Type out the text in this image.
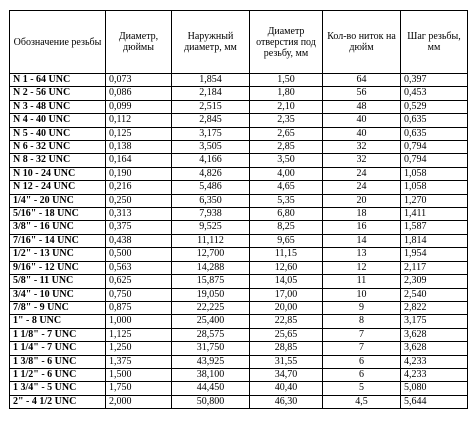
Обозначение резьбы	Диаметр, дюймы	Наружный диаметр, мм	Диаметр отверстия под резьбу, мм	Кол-во ниток на дюйм	Шаг резьбы, мм
N 1 - 64 UNC	0,073	1,854	1,50	64	0,397
N 2 - 56 UNC	0,086	2,184	1,80	56	0,453
N 3 - 48 UNC	0,099	2,515	2,10	48	0,529
N 4 - 40 UNC	0,112	2,845	2,35	40	0,635
N 5 - 40 UNC	0,125	3,175	2,65	40	0,635
N 6 - 32 UNC	0,138	3,505	2,85	32	0,794
N 8 - 32 UNC	0,164	4,166	3,50	32	0,794
N 10 - 24 UNC	0,190	4,826	4,00	24	1,058
N 12 - 24 UNC	0,216	5,486	4,65	24	1,058
1/4" - 20 UNC	0,250	6,350	5,35	20	1,270
5/16" - 18 UNC	0,313	7,938	6,80	18	1,411
3/8" - 16 UNC	0,375	9,525	8,25	16	1,587
7/16" - 14 UNC	0,438	11,112	9,65	14	1,814
1/2" - 13 UNC	0,500	12,700	11,15	13	1,954
9/16" - 12 UNC	0,563	14,288	12,60	12	2,117
5/8" - 11 UNC	0,625	15,875	14,05	11	2,309
3/4" - 10 UNC	0,750	19,050	17,00	10	2,540
7/8" - 9 UNC	0,875	22,225	20,00	9	2,822
1" - 8 UNC	1,000	25,400	22,85	8	3,175
1 1/8" - 7 UNC	1,125	28,575	25,65	7	3,628
1 1/4" - 7 UNC	1,250	31,750	28,85	7	3,628
1 3/8" - 6 UNC	1,375	43,925	31,55	6	4,233
1 1/2" - 6 UNC	1,500	38,100	34,70	6	4,233
1 3/4" - 5 UNC	1,750	44,450	40,40	5	5,080
2" - 4 1/2 UNC	2,000	50,800	46,30	4,5	5,644
